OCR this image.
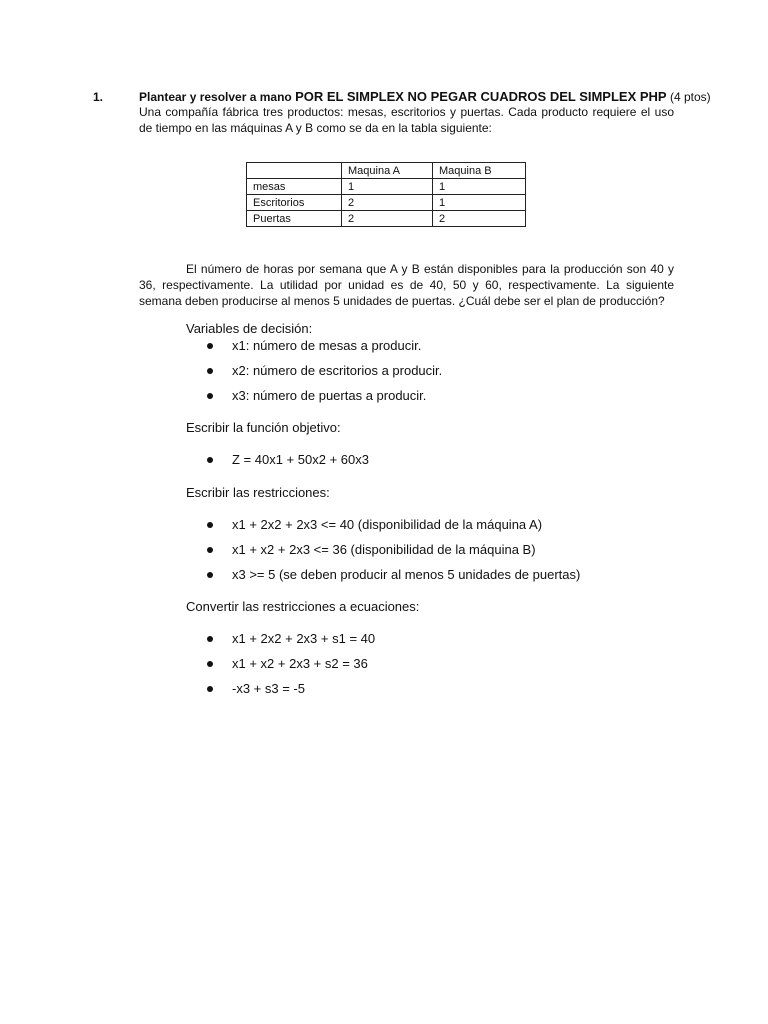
1.	Plantear y resolver a mano POR EL SIMPLEX NO PEGAR CUADROS DEL SIMPLEX PHP (4 ptos)
Una compañía fábrica tres productos: mesas, escritorios y puertas. Cada producto requiere el uso de tiempo en las máquinas A y B como se da en la tabla siguiente:
	Maquina A	Maquina B
mesas	1	1
Escritorios	2	1
Puertas	2	2
El número de horas por semana que A y B están disponibles para la producción son 40 y 36, respectivamente. La utilidad por unidad es de 40, 50 y 60, respectivamente. La siguiente semana deben producirse al menos 5 unidades de puertas. ¿Cuál debe ser el plan de producción?
Variables de decisión:
x1: número de mesas a producir.
x2: número de escritorios a producir.
x3: número de puertas a producir.
Escribir la función objetivo:
Z = 40x1 + 50x2 + 60x3
Escribir las restricciones:
x1 + 2x2 + 2x3 <= 40 (disponibilidad de la máquina A)
x1 + x2 + 2x3 <= 36 (disponibilidad de la máquina B)
x3 >= 5 (se deben producir al menos 5 unidades de puertas)
Convertir las restricciones a ecuaciones:
x1 + 2x2 + 2x3 + s1 = 40
x1 + x2 + 2x3 + s2 = 36
-x3 + s3 = -5
